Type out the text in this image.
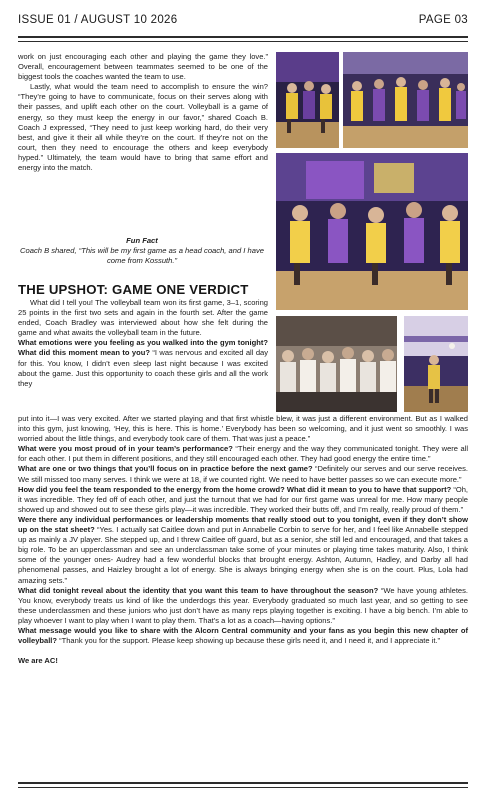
ISSUE 01 / AUGUST 10 2026	PAGE 03

work on just encouraging each other and playing the game they love.” Overall, encouragement between teammates seemed to be one of the biggest tools the coaches wanted the team to use.

Lastly, what would the team need to accomplish to ensure the win? “They’re going to have to communicate, focus on their serves along with their passes, and uplift each other on the court. Volleyball is a game of energy, so they must keep the energy in our favor,” shared Coach B. Coach J expressed, “They need to just keep working hard, do their very best, and give it their all while they’re on the court. If they’re not on the court, then they need to encourage the others and keep everybody hyped.” Ultimately, the team would have to bring that same effort and energy into the match.

Fun Fact
Coach B shared, “This will be my first game as a head coach, and I have come from Kossuth.”
THE UPSHOT: GAME ONE VERDICT

What did I tell you! The volleyball team won its first game, 3–1, scoring 25 points in the first two sets and again in the fourth set. After the game ended, Coach Bradley was interviewed about how she felt during the game and what awaits the volleyball team in the future.

What emotions were you feeling as you walked into the gym tonight? What did this moment mean to you? “I was nervous and excited all day for this. You know, I didn’t even sleep last night because I was excited about the game. Just this opportunity to coach these girls and all the work they

put into it—I was very excited. After we started playing and that first whistle blew, it was just a different environment. But as I walked into this gym, just knowing, ‘Hey, this is here. This is home.’ Everybody has been so welcoming, and it just went so smoothly. I was worried about the little things, and everybody took care of them. That was just a peace.”

What were you most proud of in your team’s performance? “Their energy and the way they communicated tonight. They were all for each other. I put them in different positions, and they still encouraged each other. They had good energy the entire time.”

What are one or two things that you’ll focus on in practice before the next game? “Definitely our serves and our serve receives. We still missed too many serves. I think we were at 18, if we counted right. We need to have better passes so we can execute more.”

How did you feel the team responded to the energy from the home crowd? What did it mean to you to have that support? “Oh, it was incredible. They fed off of each other, and just the turnout that we had for our first game was unreal for me. How many people showed up and showed out to see these girls play—it was incredible. They worked their butts off, and I’m really, really proud of them.”

Were there any individual performances or leadership moments that really stood out to you tonight, even if they don’t show up on the stat sheet? “Yes. I actually sat Caitlee down and put in Annabelle Corbin to serve for her, and I feel like Annabelle stepped up as mainly a JV player. She stepped up, and I threw Caitlee off guard, but as a senior, she still led and encouraged, and that takes a big role. To be an upperclassman and see an underclassman take some of your minutes or playing time takes maturity. Also, I think some of the younger ones- Audrey had a few wonderful blocks that brought energy. Ashton, Autumn, Hadley, and Darby all had phenomenal passes, and Haizley brought a lot of energy. She is always bringing energy when she is on the court. Plus, Lola had amazing sets.”

What did tonight reveal about the identity that you want this team to have throughout the season? “We have young athletes. You know, everybody treats us kind of like the underdogs this year. Everybody graduated so much last year, and so getting to see these underclassmen and these juniors who just don’t have as many reps playing together is exciting. I have a big bench. I’m able to play whoever I want to play when I want to play them. That’s a lot as a coach—having options.”

What message would you like to share with the Alcorn Central community and your fans as you begin this new chapter of volleyball? “Thank you for the support. Please keep showing up because these girls need it, and I need it, and I appreciate it.”

We are AC!
